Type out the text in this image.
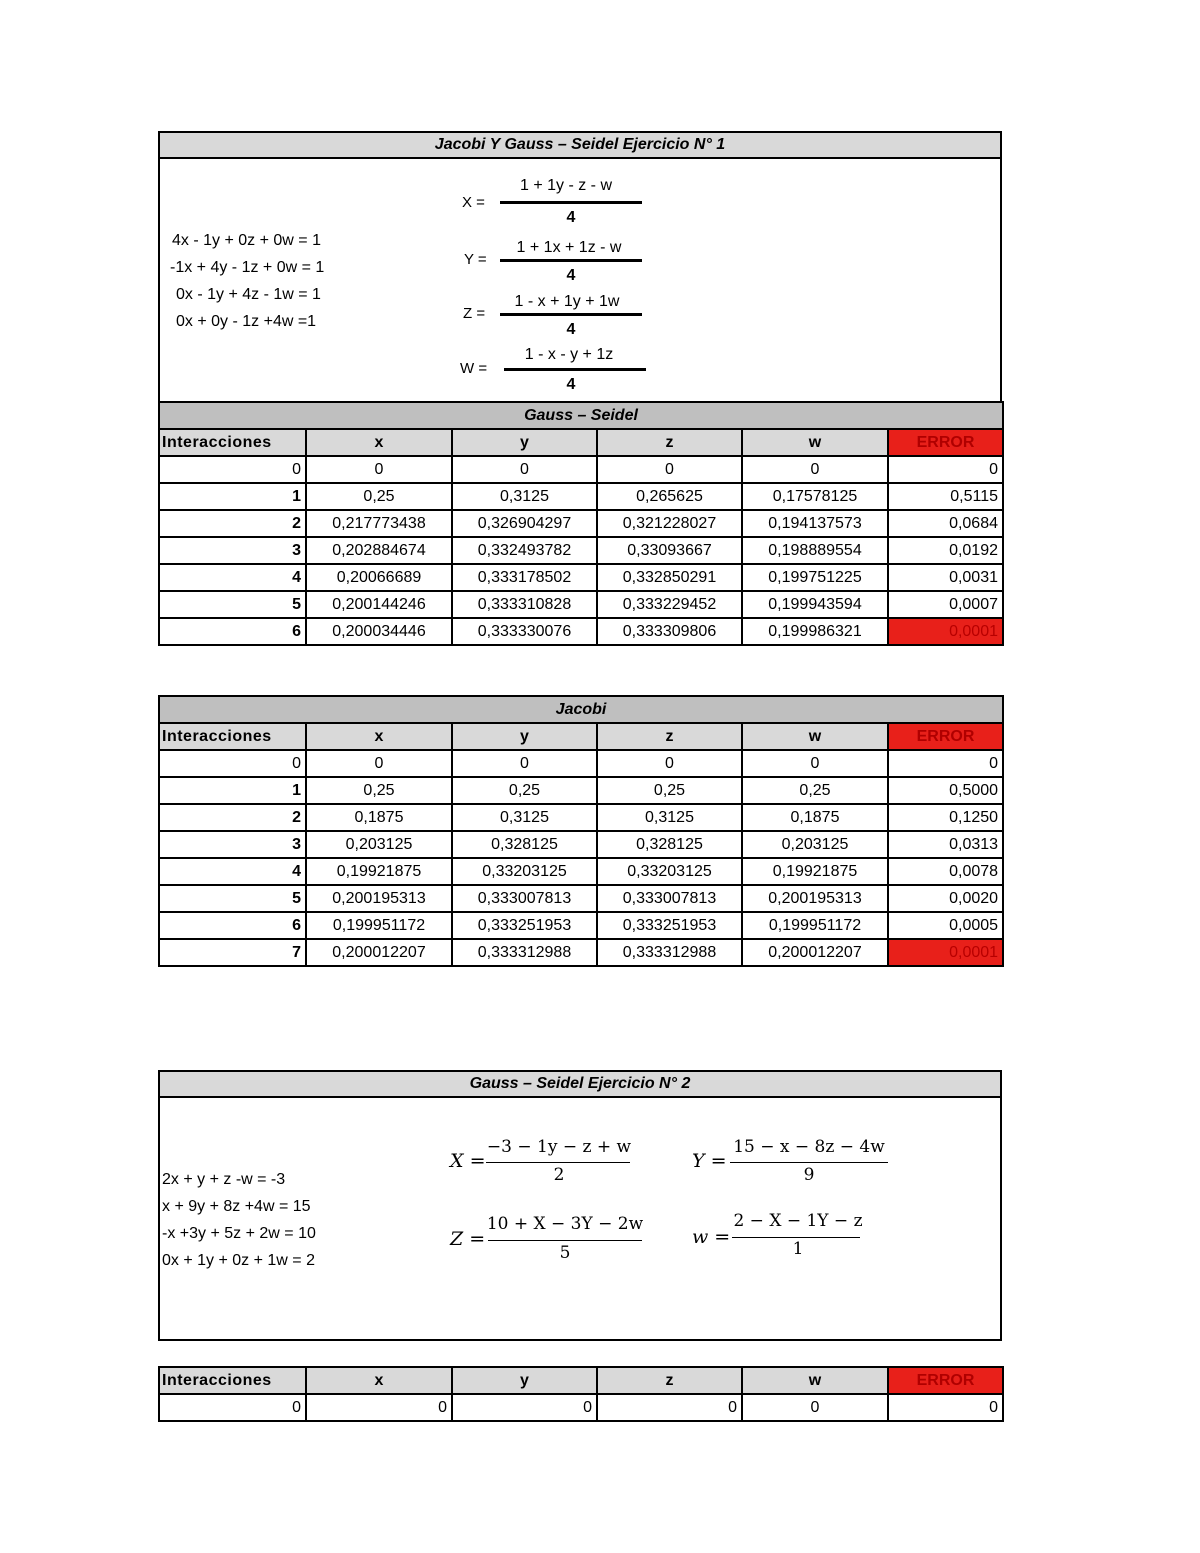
Jacobi Y Gauss – Seidel Ejercicio N° 1
4x - 1y + 0z + 0w = 1
-1x + 4y - 1z + 0w = 1
0x - 1y + 4z - 1w = 1
0x + 0y - 1z +4w =1
X =
1 + 1y - z - w
4
Y =
1 + 1x + 1z - w
4
Z =
1 - x + 1y + 1w
4
W =
1 - x - y + 1z
4
Gauss – Seidel					
Interacciones	x	y	z	w	ERROR
0	0	0	0	0	0
1	0,25	0,3125	0,265625	0,17578125	0,5115
2	0,217773438	0,326904297	0,321228027	0,194137573	0,0684
3	0,202884674	0,332493782	0,33093667	0,198889554	0,0192
4	0,20066689	0,333178502	0,332850291	0,199751225	0,0031
5	0,200144246	0,333310828	0,333229452	0,199943594	0,0007
6	0,200034446	0,333330076	0,333309806	0,199986321	0,0001
Jacobi					
Interacciones	x	y	z	w	ERROR
0	0	0	0	0	0
1	0,25	0,25	0,25	0,25	0,5000
2	0,1875	0,3125	0,3125	0,1875	0,1250
3	0,203125	0,328125	0,328125	0,203125	0,0313
4	0,19921875	0,33203125	0,33203125	0,19921875	0,0078
5	0,200195313	0,333007813	0,333007813	0,200195313	0,0020
6	0,199951172	0,333251953	0,333251953	0,199951172	0,0005
7	0,200012207	0,333312988	0,333312988	0,200012207	0,0001
Gauss – Seidel Ejercicio N° 2
2x + y + z -w = -3
x + 9y + 8z +4w = 15
-x +3y + 5z + 2w = 10
0x + 1y + 0z + 1w = 2
X =
−3 − 1y − z + w
2
Y =
15 − x − 8z − 4w
9
Z =
10 + X − 3Y − 2w
5
w =
2 − X − 1Y − z
1
Interacciones	x	y	z	w	ERROR
0	0	0	0	0	0
